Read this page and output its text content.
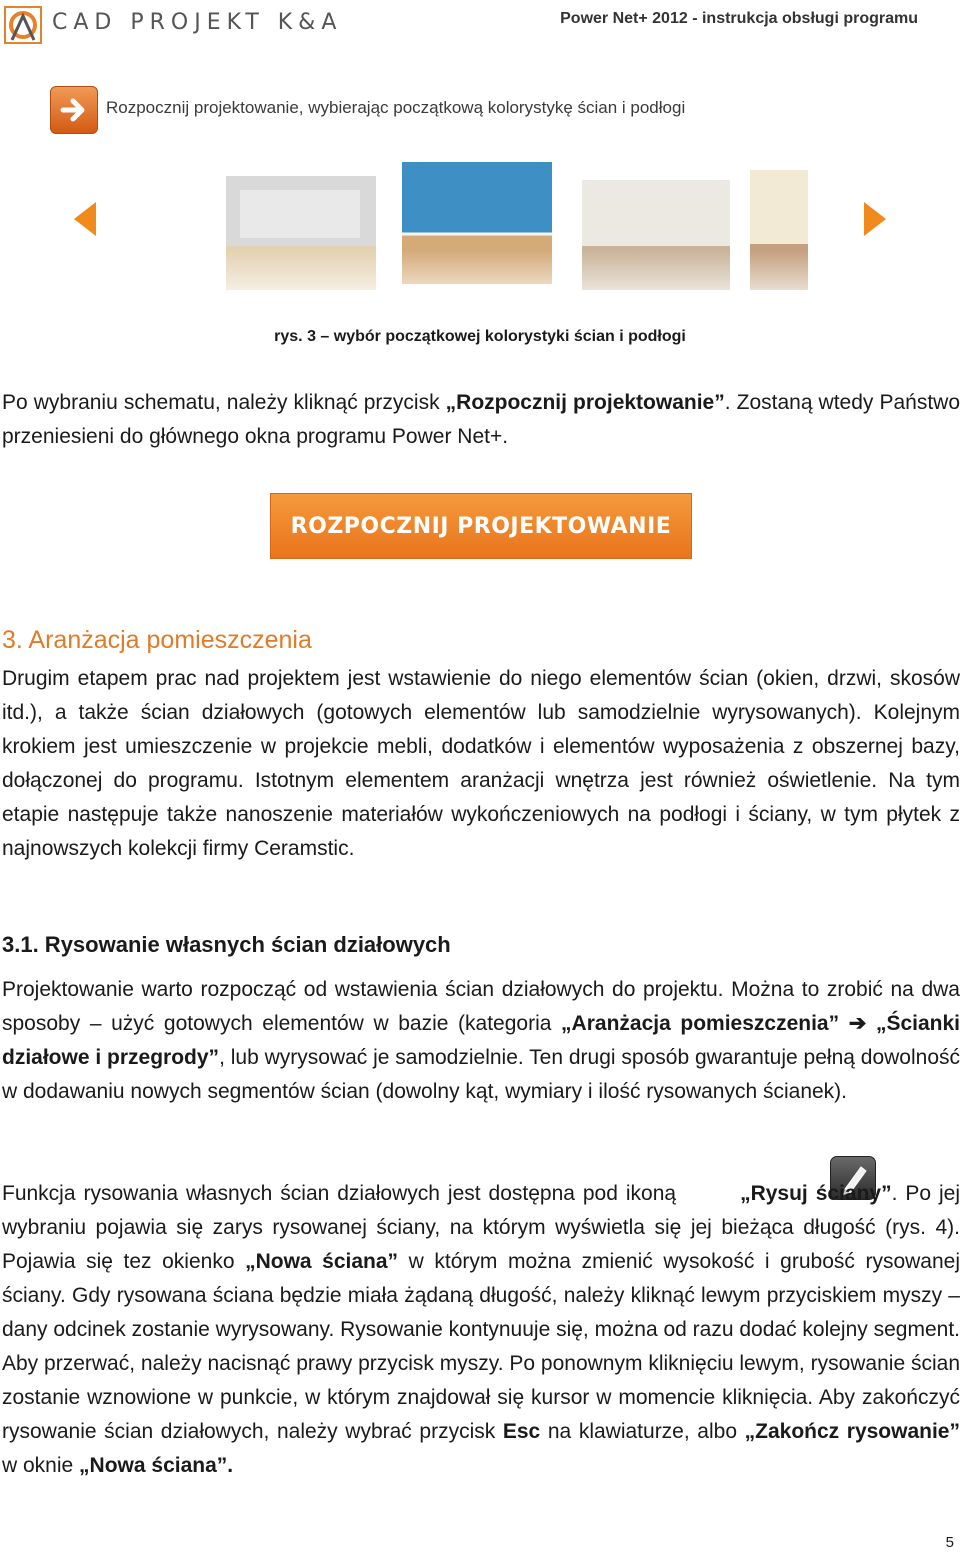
CAD PROJEKT K&A	Power Net+ 2012 - instrukcja obsługi programu
Rozpocznij projektowanie, wybierając początkową kolorystykę ścian i podłogi
rys. 3 – wybór początkowej kolorystyki ścian i podłogi
Po wybraniu schematu, należy kliknąć przycisk „Rozpocznij projektowanie”. Zostaną wtedy Państwo przeniesieni do głównego okna programu Power Net+.
ROZPOCZNIJ PROJEKTOWANIE
3. Aranżacja pomieszczenia
Drugim etapem prac nad projektem jest wstawienie do niego elementów ścian (okien, drzwi, skosów itd.), a także ścian działowych (gotowych elementów lub samodzielnie wyrysowanych). Kolejnym krokiem jest umieszczenie w projekcie mebli, dodatków i elementów wyposażenia z obszernej bazy, dołączonej do programu. Istotnym elementem aranżacji wnętrza jest również oświetlenie. Na tym etapie następuje także nanoszenie materiałów wykończeniowych na podłogi i ściany, w tym płytek z najnowszych kolekcji firmy Ceramstic.
3.1. Rysowanie własnych ścian działowych
Projektowanie warto rozpocząć od wstawienia ścian działowych do projektu. Można to zrobić na dwa sposoby – użyć gotowych elementów w bazie (kategoria „Aranżacja pomieszczenia” ➔ „Ścianki działowe i przegrody”, lub wyrysować je samodzielnie. Ten drugi sposób gwarantuje pełną dowolność w dodawaniu nowych segmentów ścian (dowolny kąt, wymiary i ilość rysowanych ścianek).
Funkcja rysowania własnych ścian działowych jest dostępna pod ikoną	„Rysuj ściany”. Po jej wybraniu pojawia się zarys rysowanej ściany, na którym wyświetla się jej bieżąca długość (rys. 4). Pojawia się tez okienko „Nowa ściana” w którym można zmienić wysokość i grubość rysowanej ściany. Gdy rysowana ściana będzie miała żądaną długość, należy kliknąć lewym przyciskiem myszy – dany odcinek zostanie wyrysowany. Rysowanie kontynuuje się, można od razu dodać kolejny segment. Aby przerwać, należy nacisnąć prawy przycisk myszy. Po ponownym kliknięciu lewym, rysowanie ścian zostanie wznowione w punkcie, w którym znajdował się kursor w momencie kliknięcia. Aby zakończyć rysowanie ścian działowych, należy wybrać przycisk Esc na klawiaturze, albo „Zakończ rysowanie” w oknie „Nowa ściana”.
5
